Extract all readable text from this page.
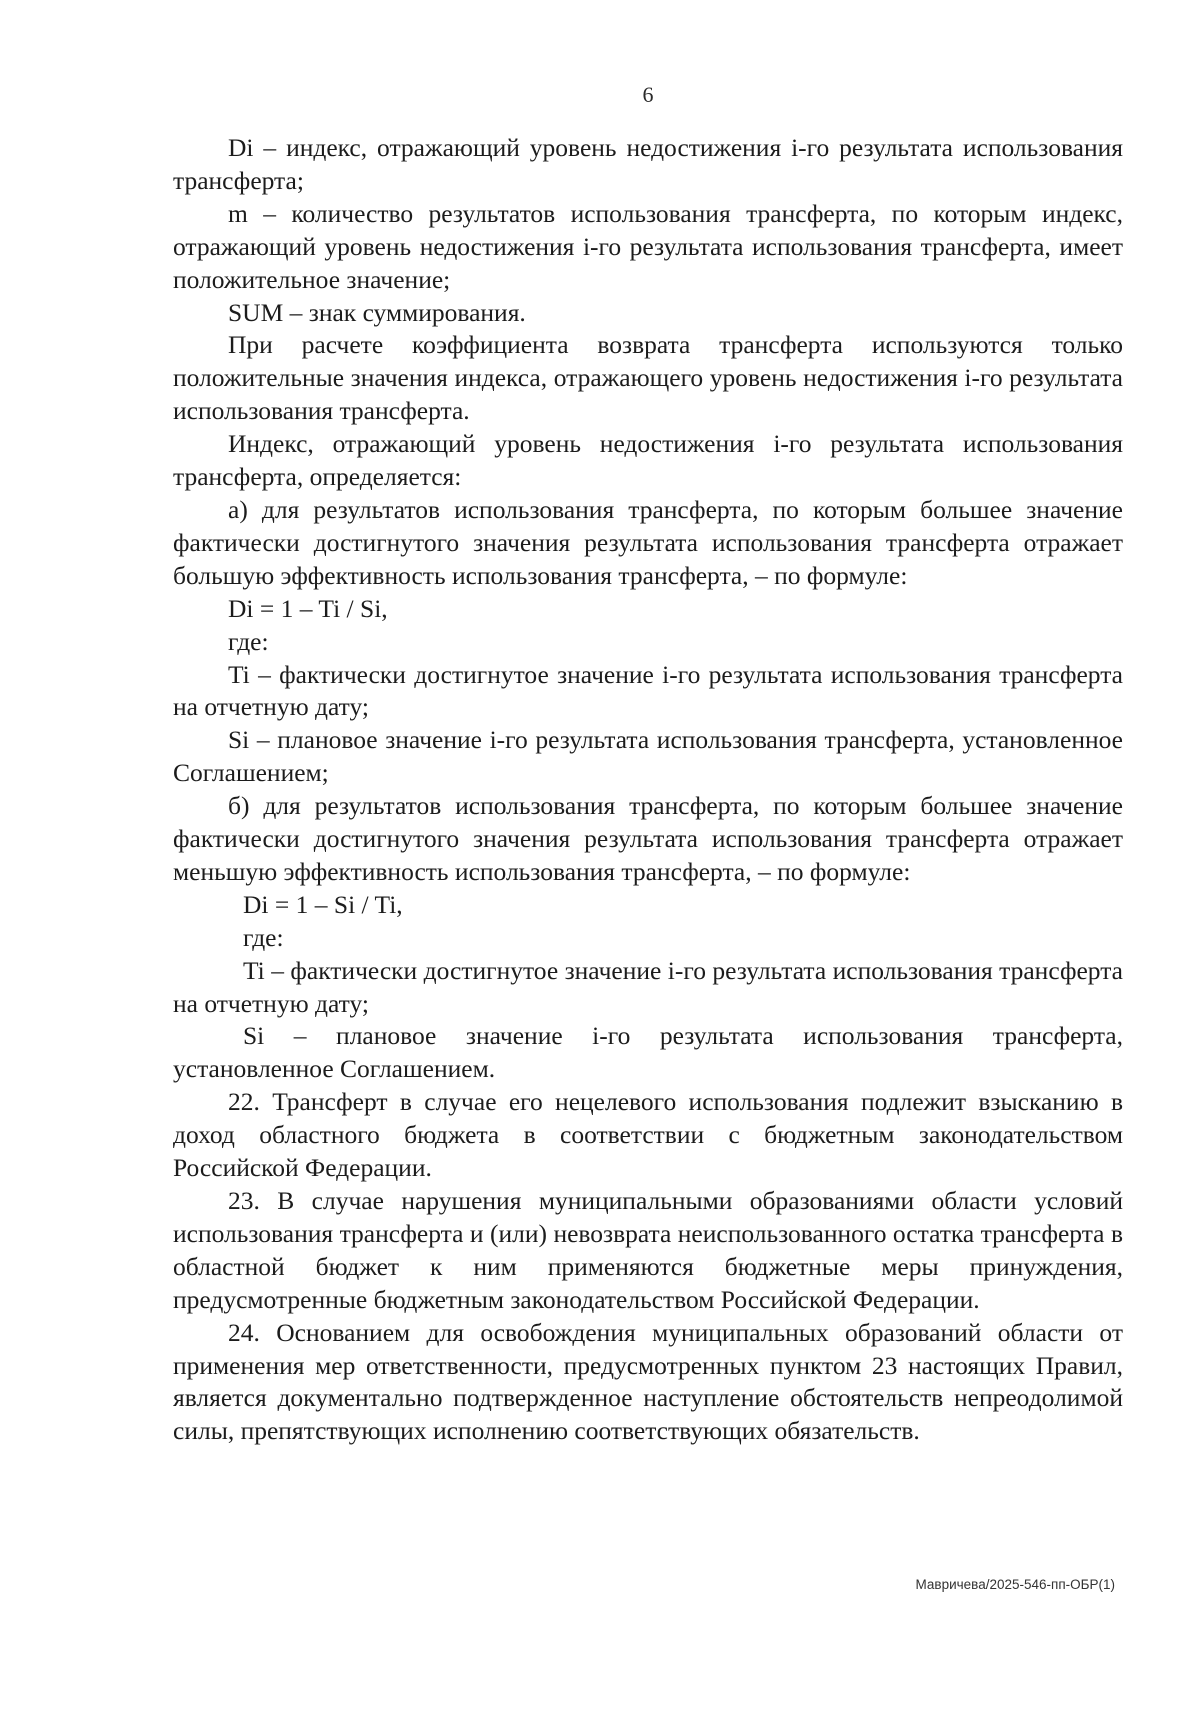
6

Di – индекс, отражающий уровень недостижения i-го результата использования трансферта;

m – количество результатов использования трансферта, по которым индекс, отражающий уровень недостижения i-го результата использования трансферта, имеет положительное значение;

SUM – знак суммирования.

При расчете коэффициента возврата трансферта используются только положительные значения индекса, отражающего уровень недостижения i-го результата использования трансферта.

Индекс, отражающий уровень недостижения i-го результата использования трансферта, определяется:

а) для результатов использования трансферта, по которым большее значение фактически достигнутого значения результата использования трансферта отражает большую эффективность использования трансферта, – по формуле:

Di = 1 – Ti / Si,

где:

Ti – фактически достигнутое значение i-го результата использования трансферта на отчетную дату;

Si – плановое значение i-го результата использования трансферта, установленное Соглашением;

б) для результатов использования трансферта, по которым большее значение фактически достигнутого значения результата использования трансферта отражает меньшую эффективность использования трансферта, – по формуле:

Di = 1 – Si / Ti,

где:

Ti – фактически достигнутое значение i-го результата использования трансферта на отчетную дату;

Si – плановое значение i-го результата использования трансферта, установленное Соглашением.

22. Трансферт в случае его нецелевого использования подлежит взысканию в доход областного бюджета в соответствии с бюджетным законодательством Российской Федерации.

23. В случае нарушения муниципальными образованиями области условий использования трансферта и (или) невозврата неиспользованного остатка трансферта в областной бюджет к ним применяются бюджетные меры принуждения, предусмотренные бюджетным законодательством Российской Федерации.

24. Основанием для освобождения муниципальных образований области от применения мер ответственности, предусмотренных пунктом 23 настоящих Правил, является документально подтвержденное наступление обстоятельств непреодолимой силы, препятствующих исполнению соответствующих обязательств.

Мавричева/2025-546-пп-ОБР(1)
